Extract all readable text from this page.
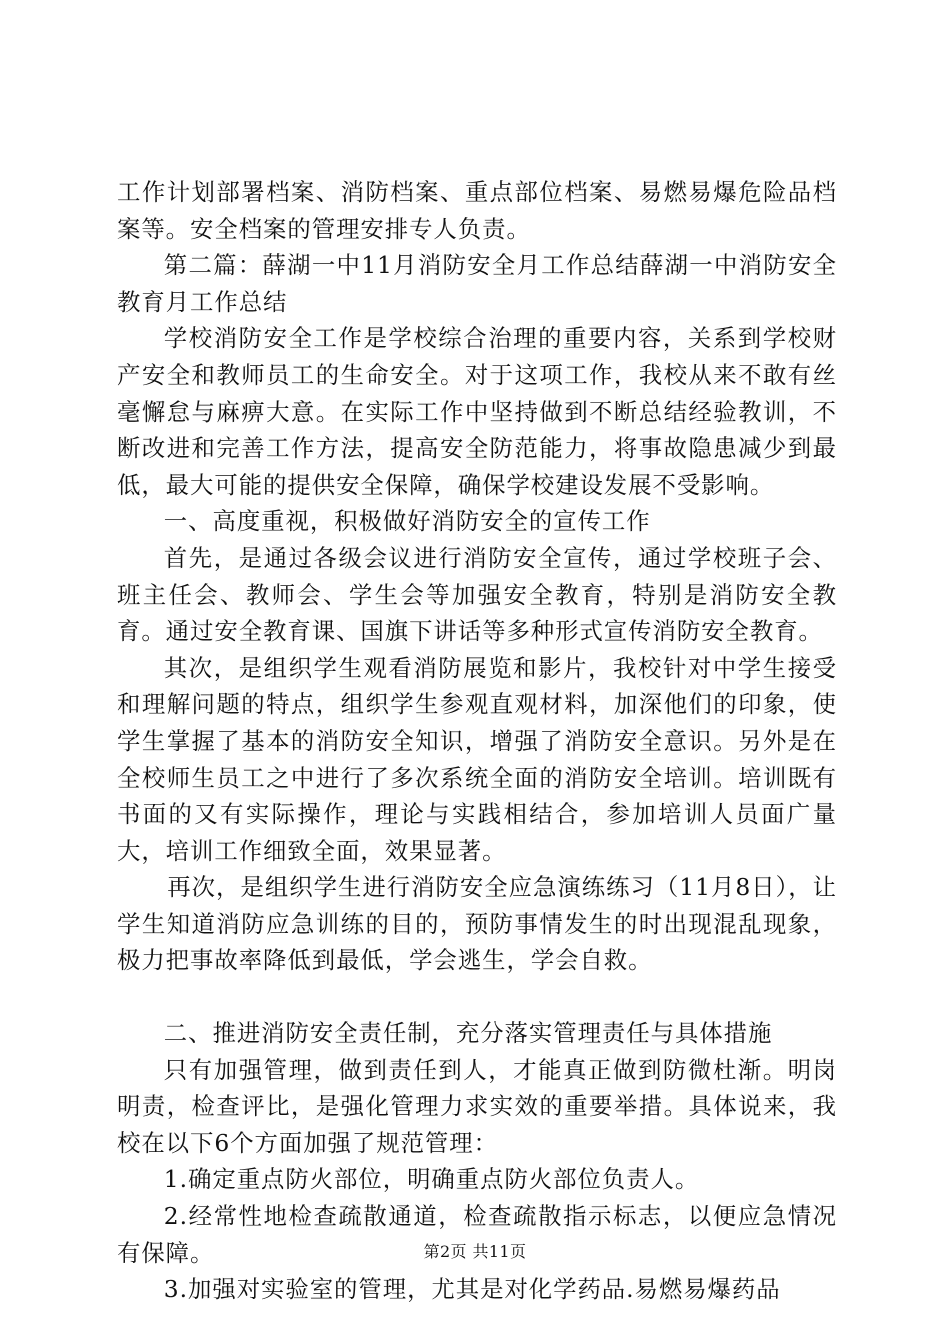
工作计划部署档案、消防档案、重点部位档案、易燃易爆危险品档案等。安全档案的管理安排专人负责。

第二篇：薛湖一中11月消防安全月工作总结薛湖一中消防安全教育月工作总结

学校消防安全工作是学校综合治理的重要内容，关系到学校财产安全和教师员工的生命安全。对于这项工作，我校从来不敢有丝毫懈怠与麻痹大意。在实际工作中坚持做到不断总结经验教训，不断改进和完善工作方法，提高安全防范能力，将事故隐患减少到最低，最大可能的提供安全保障，确保学校建设发展不受影响。

一、高度重视，积极做好消防安全的宣传工作

首先，是通过各级会议进行消防安全宣传，通过学校班子会、班主任会、教师会、学生会等加强安全教育，特别是消防安全教育。通过安全教育课、国旗下讲话等多种形式宣传消防安全教育。

其次，是组织学生观看消防展览和影片，我校针对中学生接受和理解问题的特点，组织学生参观直观材料，加深他们的印象，使学生掌握了基本的消防安全知识，增强了消防安全意识。另外是在全校师生员工之中进行了多次系统全面的消防安全培训。培训既有书面的又有实际操作，理论与实践相结合，参加培训人员面广量大，培训工作细致全面，效果显著。

再次，是组织学生进行消防安全应急演练练习（11月8日），让学生知道消防应急训练的目的，预防事情发生的时出现混乱现象，极力把事故率降低到最低，学会逃生，学会自救。

二、推进消防安全责任制，充分落实管理责任与具体措施

只有加强管理，做到责任到人，才能真正做到防微杜渐。明岗明责，检查评比，是强化管理力求实效的重要举措。具体说来，我校在以下6个方面加强了规范管理：

1.确定重点防火部位，明确重点防火部位负责人。

2.经常性地检查疏散通道，检查疏散指示标志，以便应急情况有保障。

3.加强对实验室的管理，尤其是对化学药品.易燃易爆药品

第2页 共11页
